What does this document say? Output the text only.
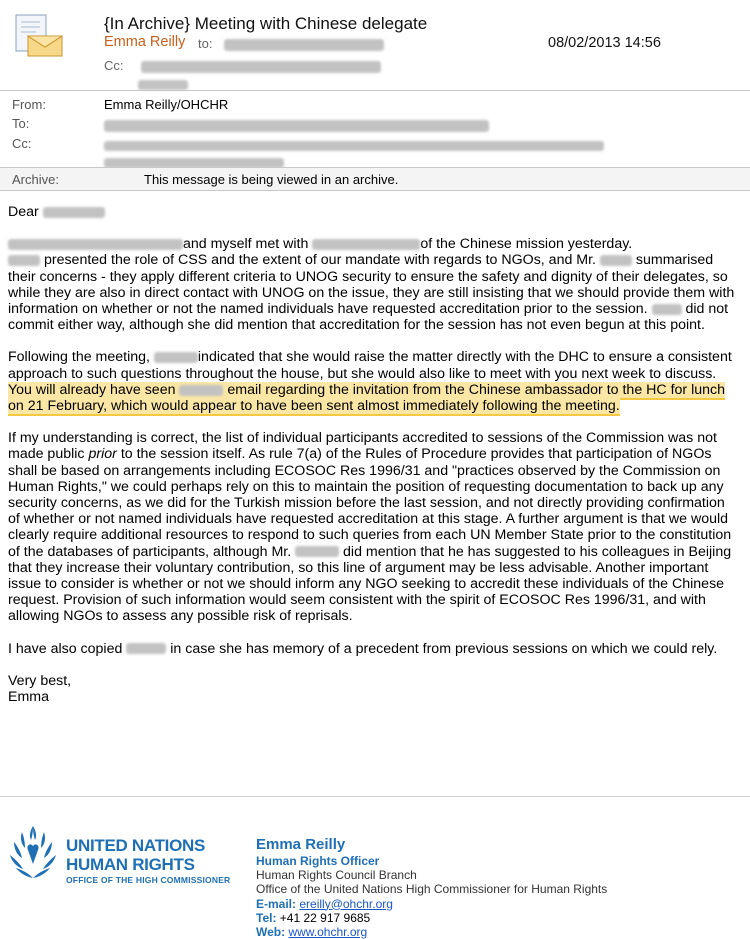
{In Archive} Meeting with Chinese delegate
Emma Reilly to:	08/02/2013 14:56
Cc:
From:	Emma Reilly/OHCHR
To:
Cc:

Archive:	This message is being viewed in an archive.

Dear

and myself met with	of the Chinese mission yesterday.
presented the role of CSS and the extent of our mandate with regards to NGOs, and Mr.	summarised their concerns - they apply different criteria to UNOG security to ensure the safety and dignity of their delegates, so while they are also in direct contact with UNOG on the issue, they are still insisting that we should provide them with information on whether or not the named individuals have requested accreditation prior to the session.	did not commit either way, although she did mention that accreditation for the session has not even begun at this point.

Following the meeting,	indicated that she would raise the matter directly with the DHC to ensure a consistent approach to such questions throughout the house, but she would also like to meet with you next week to discuss. You will already have seen	email regarding the invitation from the Chinese ambassador to the HC for lunch on 21 February, which would appear to have been sent almost immediately following the meeting.

If my understanding is correct, the list of individual participants accredited to sessions of the Commission was not made public prior to the session itself. As rule 7(a) of the Rules of Procedure provides that participation of NGOs shall be based on arrangements including ECOSOC Res 1996/31 and "practices observed by the Commission on Human Rights," we could perhaps rely on this to maintain the position of requesting documentation to back up any security concerns, as we did for the Turkish mission before the last session, and not directly providing confirmation of whether or not named individuals have requested accreditation at this stage. A further argument is that we would clearly require additional resources to respond to such queries from each UN Member State prior to the constitution of the databases of participants, although Mr.	did mention that he has suggested to his colleagues in Beijing that they increase their voluntary contribution, so this line of argument may be less advisable. Another important issue to consider is whether or not we should inform any NGO seeking to accredit these individuals of the Chinese request. Provision of such information would seem consistent with the spirit of ECOSOC Res 1996/31, and with allowing NGOs to assess any possible risk of reprisals.

I have also copied	in case she has memory of a precedent from previous sessions on which we could rely.

Very best,
Emma

UNITED NATIONS
HUMAN RIGHTS
OFFICE OF THE HIGH COMMISSIONER
Emma Reilly
Human Rights Officer
Human Rights Council Branch
Office of the United Nations High Commissioner for Human Rights
E-mail: ereilly@ohchr.org
Tel: +41 22 917 9685
Web: www.ohchr.org
